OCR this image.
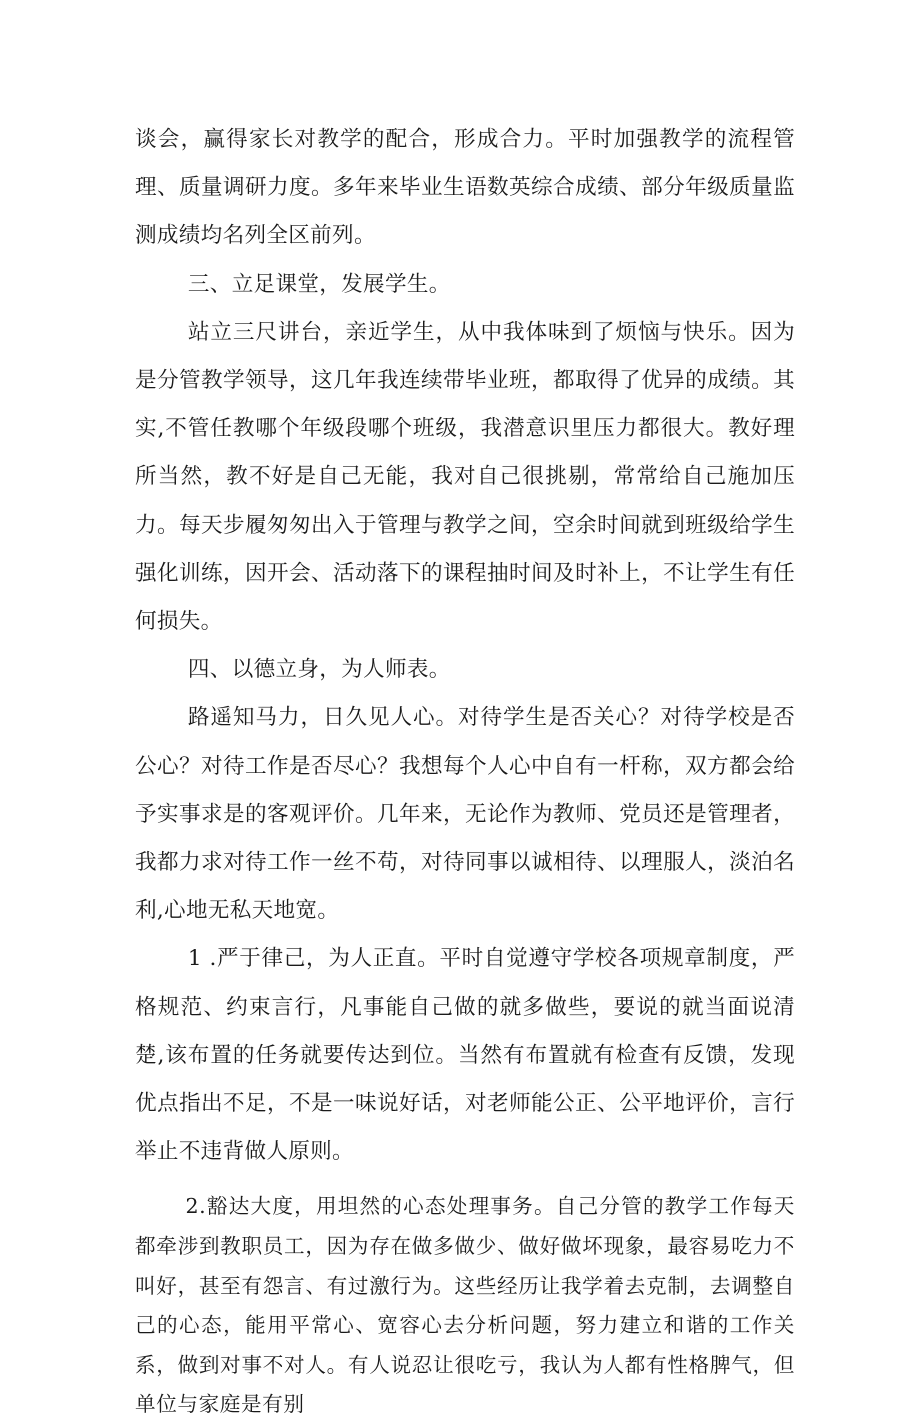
谈会，赢得家长对教学的配合，形成合力。平时加强教学的流程管理、质量调研力度。多年来毕业生语数英综合成绩、部分年级质量监测成绩均名列全区前列。

三、立足课堂，发展学生。

站立三尺讲台，亲近学生，从中我体味到了烦恼与快乐。因为是分管教学领导，这几年我连续带毕业班，都取得了优异的成绩。其实,不管任教哪个年级段哪个班级，我潜意识里压力都很大。教好理所当然，教不好是自己无能，我对自己很挑剔，常常给自己施加压力。每天步履匆匆出入于管理与教学之间，空余时间就到班级给学生强化训练，因开会、活动落下的课程抽时间及时补上，不让学生有任何损失。

四、以德立身，为人师表。

路遥知马力，日久见人心。对待学生是否关心？对待学校是否公心？对待工作是否尽心？我想每个人心中自有一杆称，双方都会给予实事求是的客观评价。几年来，无论作为教师、党员还是管理者，我都力求对待工作一丝不苟，对待同事以诚相待、以理服人，淡泊名利,心地无私天地宽。

1 .严于律己，为人正直。平时自觉遵守学校各项规章制度，严格规范、约束言行，凡事能自己做的就多做些，要说的就当面说清楚,该布置的任务就要传达到位。当然有布置就有检查有反馈，发现优点指出不足，不是一味说好话，对老师能公正、公平地评价，言行举止不违背做人原则。

2.豁达大度，用坦然的心态处理事务。自己分管的教学工作每天都牵涉到教职员工，因为存在做多做少、做好做坏现象，最容易吃力不叫好，甚至有怨言、有过激行为。这些经历让我学着去克制，去调整自己的心态，能用平常心、宽容心去分析问题，努力建立和谐的工作关系，做到对事不对人。有人说忍让很吃亏，我认为人都有性格脾气，但单位与家庭是有别
